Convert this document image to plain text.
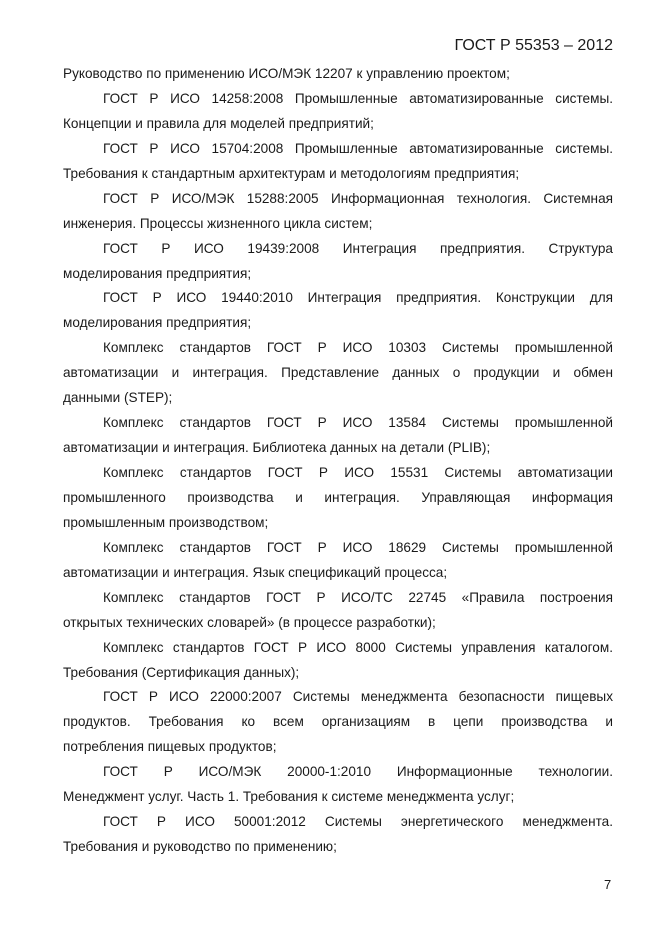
ГОСТ Р 55353 – 2012
Руководство по применению ИСО/МЭК 12207 к управлению проектом;
ГОСТ Р ИСО 14258:2008 Промышленные автоматизированные системы.
Концепции и правила для моделей предприятий;
ГОСТ Р ИСО 15704:2008 Промышленные автоматизированные системы.
Требования к стандартным архитектурам и методологиям предприятия;
ГОСТ Р ИСО/МЭК 15288:2005 Информационная технология. Системная
инженерия. Процессы жизненного цикла систем;
ГОСТ Р ИСО 19439:2008 Интеграция предприятия. Структура
моделирования предприятия;
ГОСТ Р ИСО 19440:2010 Интеграция предприятия. Конструкции для
моделирования предприятия;
Комплекс стандартов ГОСТ Р ИСО 10303 Системы промышленной
автоматизации и интеграция. Представление данных о продукции и обмен
данными (STEP);
Комплекс стандартов ГОСТ Р ИСО 13584 Системы промышленной
автоматизации и интеграция. Библиотека данных на детали (PLIB);
Комплекс стандартов ГОСТ Р ИСО 15531 Системы автоматизации
промышленного производства и интеграция. Управляющая информация
промышленным производством;
Комплекс стандартов ГОСТ Р ИСО 18629 Системы промышленной
автоматизации и интеграция. Язык спецификаций процесса;
Комплекс стандартов ГОСТ Р ИСО/ТС 22745 «Правила построения
открытых технических словарей» (в процессе разработки);
Комплекс стандартов ГОСТ Р ИСО 8000 Системы управления каталогом.
Требования (Сертификация данных);
ГОСТ Р ИСО 22000:2007 Системы менеджмента безопасности пищевых
продуктов. Требования ко всем организациям в цепи производства и
потребления пищевых продуктов;
ГОСТ Р ИСО/МЭК 20000-1:2010 Информационные технологии.
Менеджмент услуг. Часть 1. Требования к системе менеджмента услуг;
ГОСТ Р ИСО 50001:2012 Системы энергетического менеджмента.
Требования и руководство по применению;
7
